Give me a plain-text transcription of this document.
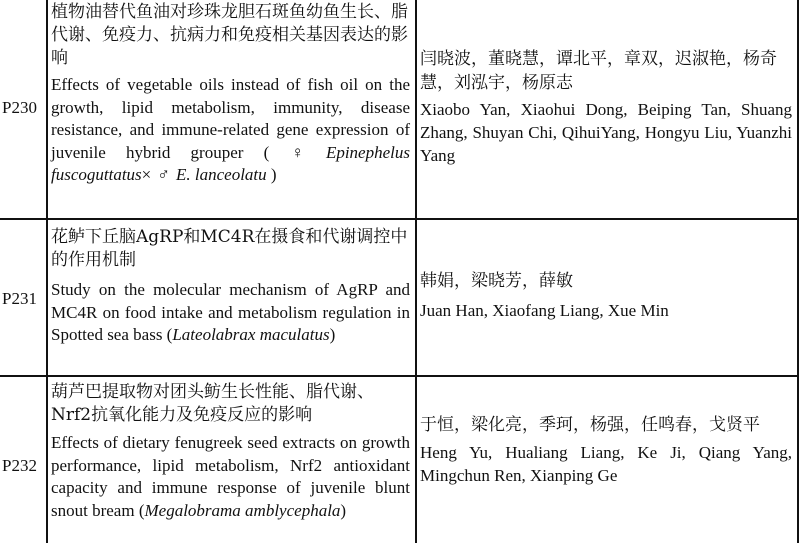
P230

植物油替代鱼油对珍珠龙胆石斑鱼幼鱼生长、脂代谢、免疫力、抗病力和免疫相关基因表达的影响

Effects of vegetable oils instead of fish oil on the growth, lipid metabolism, immunity, disease resistance, and immune-related gene expression of juvenile hybrid grouper ( ♀ Epinephelus fuscoguttatus× ♂ E. lanceolatu )

闫晓波，董晓慧，谭北平，章双，迟淑艳，杨奇慧，刘泓宇，杨原志

Xiaobo Yan, Xiaohui Dong, Beiping Tan, Shuang Zhang, Shuyan Chi, QihuiYang, Hongyu Liu, Yuanzhi Yang

P231

花鲈下丘脑AgRP和MC4R在摄食和代谢调控中的作用机制

Study on the molecular mechanism of AgRP and MC4R on food intake and metabolism regulation in Spotted sea bass (Lateolabrax maculatus)

韩娟，梁晓芳，薛敏

Juan Han, Xiaofang Liang, Xue Min

P232

葫芦巴提取物对团头鲂生长性能、脂代谢、Nrf2抗氧化能力及免疫反应的影响

Effects of dietary fenugreek seed extracts on growth performance, lipid metabolism, Nrf2 antioxidant capacity and immune response of juvenile blunt snout bream (Megalobrama amblycephala)

于恒，梁化亮，季珂，杨强，任鸣春，戈贤平

Heng Yu, Hualiang Liang, Ke Ji, Qiang Yang, Mingchun Ren, Xianping Ge
